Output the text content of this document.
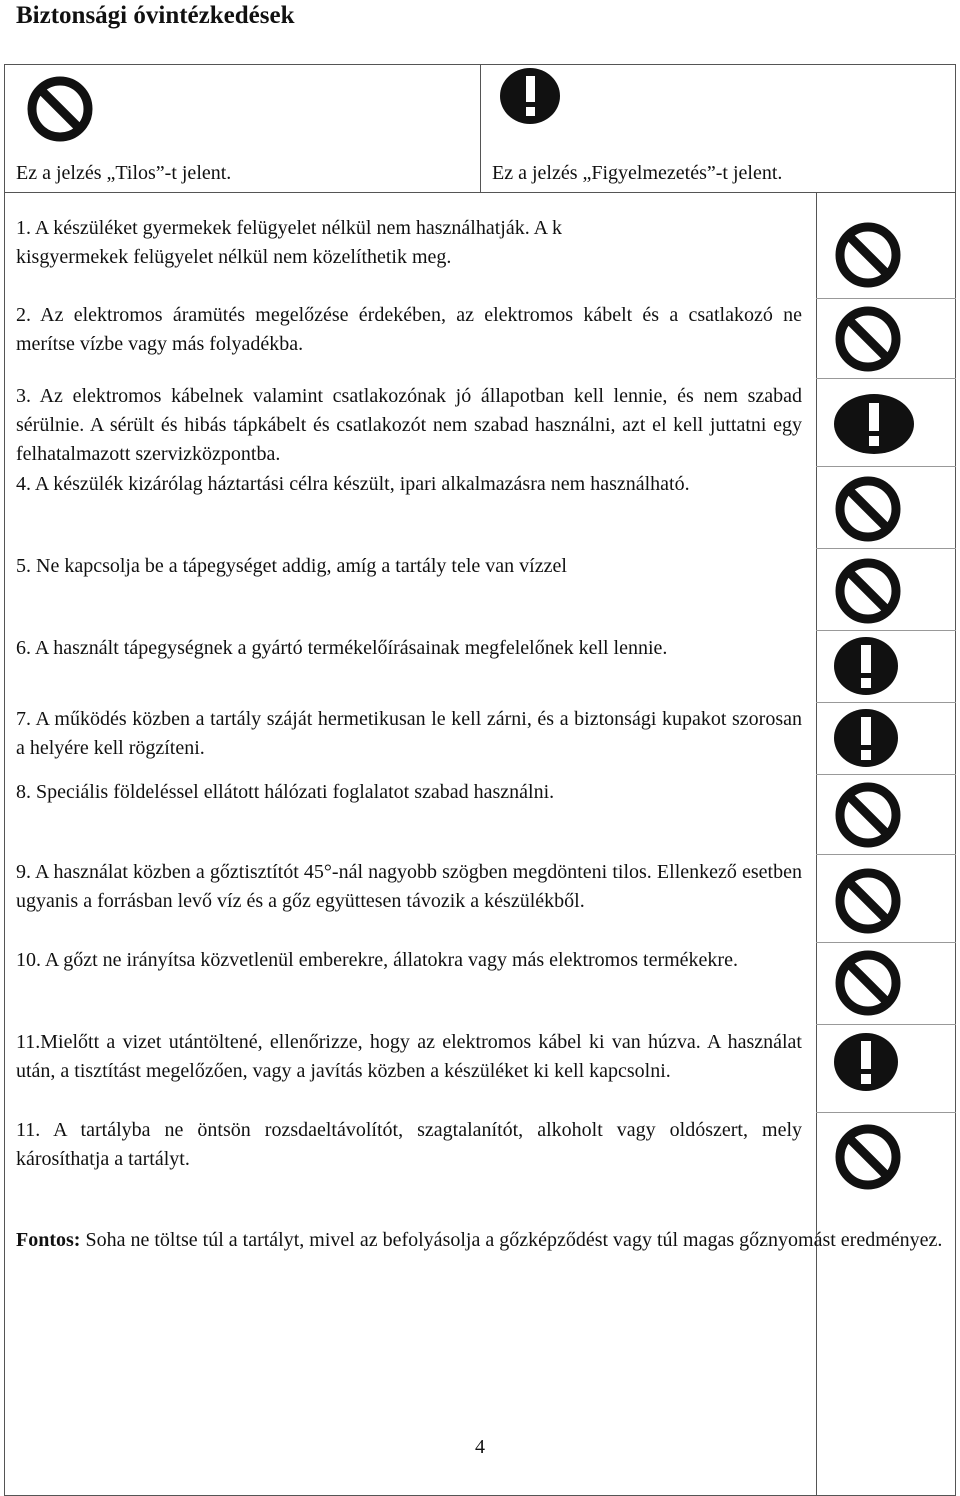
Biztonsági óvintézkedések
Ez a jelzés „Tilos”-t jelent.	Ez a jelzés „Figyelmezetés”-t jelent.
1. A készüléket gyermekek felügyelet nélkül nem használhatják. A k
kisgyermekek felügyelet nélkül nem közelíthetik meg.
2. Az elektromos áramütés megelőzése érdekében, az elektromos kábelt és a csatlakozó ne merítse vízbe vagy más folyadékba.
3. Az elektromos kábelnek valamint csatlakozónak jó állapotban kell lennie, és nem szabad sérülnie. A sérült és hibás tápkábelt és csatlakozót nem szabad használni, azt el kell juttatni egy felhatalmazott szervizközpontba.
4. A készülék kizárólag háztartási célra készült, ipari alkalmazásra nem használható.
5. Ne kapcsolja be a tápegységet addig, amíg a tartály tele van vízzel
6. A használt tápegységnek a gyártó termékelőírásainak megfelelőnek kell lennie.
7. A működés közben a tartály száját hermetikusan le kell zárni, és a biztonsági kupakot szorosan a helyére kell rögzíteni.
8. Speciális földeléssel ellátott hálózati foglalatot szabad használni.
9. A használat közben a gőztisztítót 45°-nál nagyobb szögben megdönteni tilos. Ellenkező esetben ugyanis a forrásban levő víz és a gőz együttesen távozik a készülékből.
10. A gőzt ne irányítsa közvetlenül emberekre, állatokra vagy más elektromos termékekre.
11.Mielőtt a vizet utántöltené, ellenőrizze, hogy az elektromos kábel ki van húzva. A használat után, a tisztítást megelőzően, vagy a javítás közben a készüléket ki kell kapcsolni.
11. A tartályba ne öntsön rozsdaeltávolítót, szagtalanítót, alkoholt vagy oldószert, mely károsíthatja a tartályt.
Fontos: Soha ne töltse túl a tartályt, mivel az befolyásolja a gőzképződést vagy túl magas gőznyomást eredményez.
4
